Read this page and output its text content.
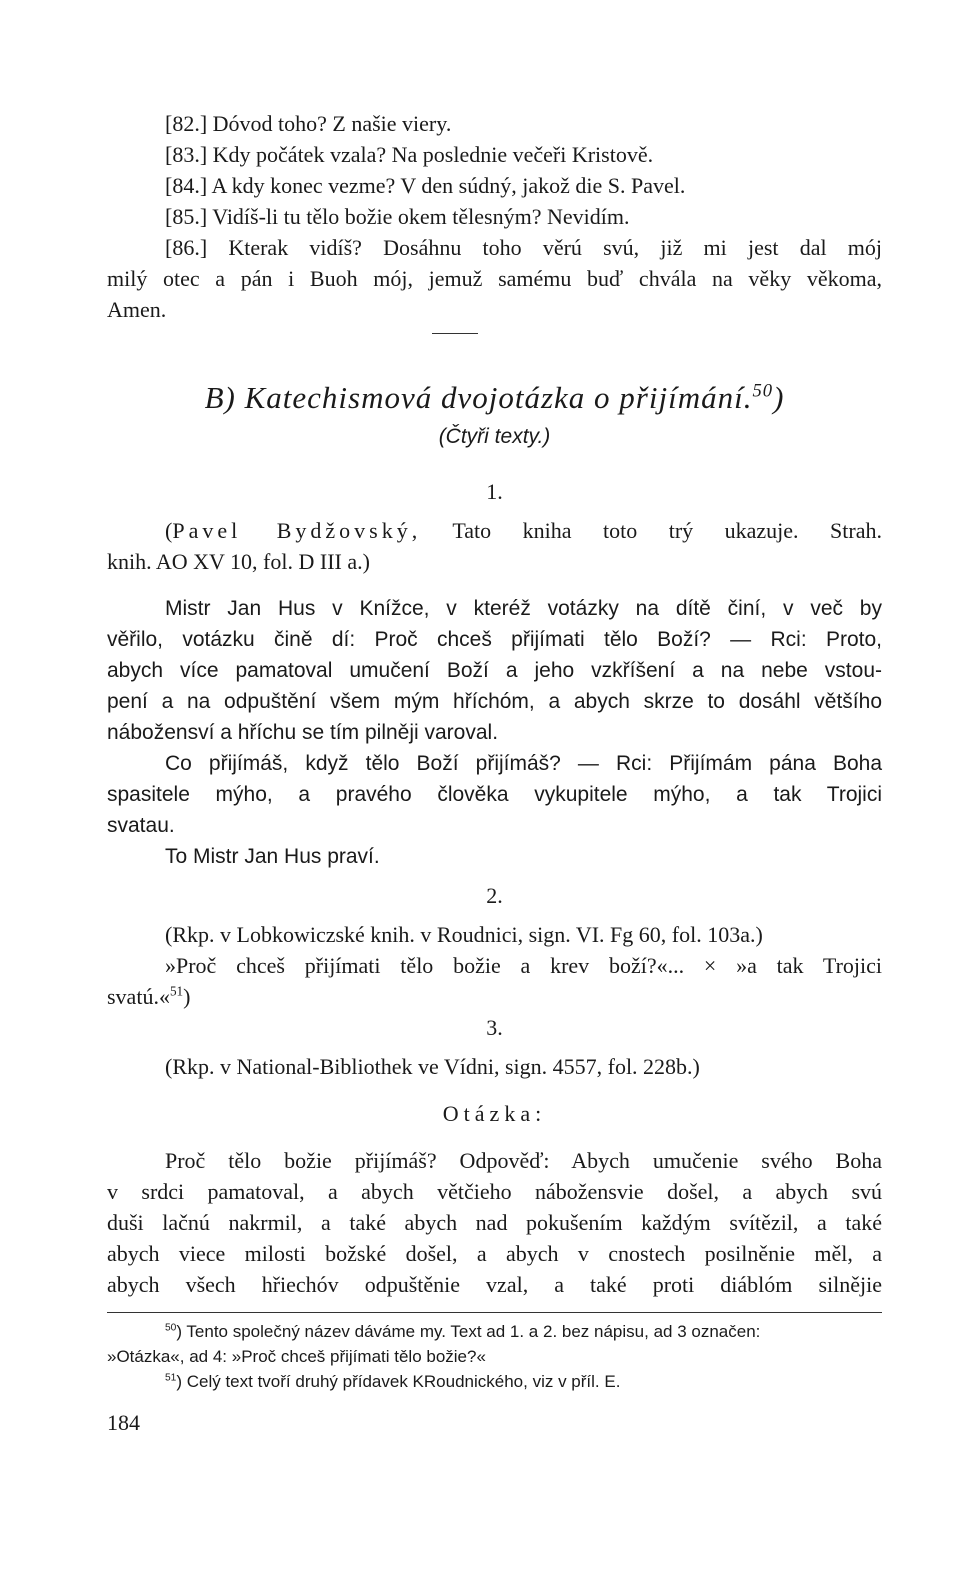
[82.] Dóvod toho? Z našie viery.
[83.] Kdy počátek vzala? Na poslednie večeři Kristově.
[84.] A kdy konec vezme? V den súdný, jakož die S. Pavel.
[85.] Vidíš-li tu tělo božie okem tělesným? Nevidím.
[86.] Kterak vidíš? Dosáhnu toho věrú svú, již mi jest dal mój
milý otec a pán i Buoh mój, jemuž samému buď chvála na věky věkoma,
Amen.
B) Katechismová dvojotázka o přijímání.$^{50}$)
(Čtyři texty.)
1.
(Pavel Bydžovský, Tato kniha toto trý ukazuje. Strah.
knih. AO XV 10, fol. D III a.)
Mistr Jan Hus v Knížce, v kteréž votázky na dítě činí, v več by
věřilo, votázku čině dí: Proč chceš přijímati tělo Boží? — Rci: Proto,
abych více pamatoval umučení Boží a jeho vzkříšení a na nebe vstou-
pení a na odpuštění všem mým hříchóm, a abych skrze to dosáhl většího
nábožensví a hříchu se tím pilněji varoval.
Co přijímáš, když tělo Boží přijímáš? — Rci: Přijímám pána Boha
spasitele mýho, a pravého člověka vykupitele mýho, a tak Trojici
svatau.
To Mistr Jan Hus praví.
2.
(Rkp. v Lobkowiczské knih. v Roudnici, sign. VI. Fg 60, fol. 103a.)
»Proč chceš přijímati tělo božie a krev boží?«... × »a tak Trojici
svatú.«$^{51}$)
3.
(Rkp. v National-Bibliothek ve Vídni, sign. 4557, fol. 228b.)
Otázka:
Proč tělo božie přijímáš? Odpověď: Abych umučenie svého Boha
v srdci pamatoval, a abych větčieho nábožensvie došel, a abych svú
duši lačnú nakrmil, a také abych nad pokušením každým svítězil, a také
abych viece milosti božské došel, a abych v cnostech posilněnie měl, a
abych všech hřiechóv odpuštěnie vzal, a také proti diáblóm silnějie
$^{50}$) Tento společný název dáváme my. Text ad 1. a 2. bez nápisu, ad 3 označen:
»Otázka«, ad 4: »Proč chceš přijímati tělo božie?«
$^{51}$) Celý text tvoří druhý přídavek KRoudnického, viz v příl. E.
184
